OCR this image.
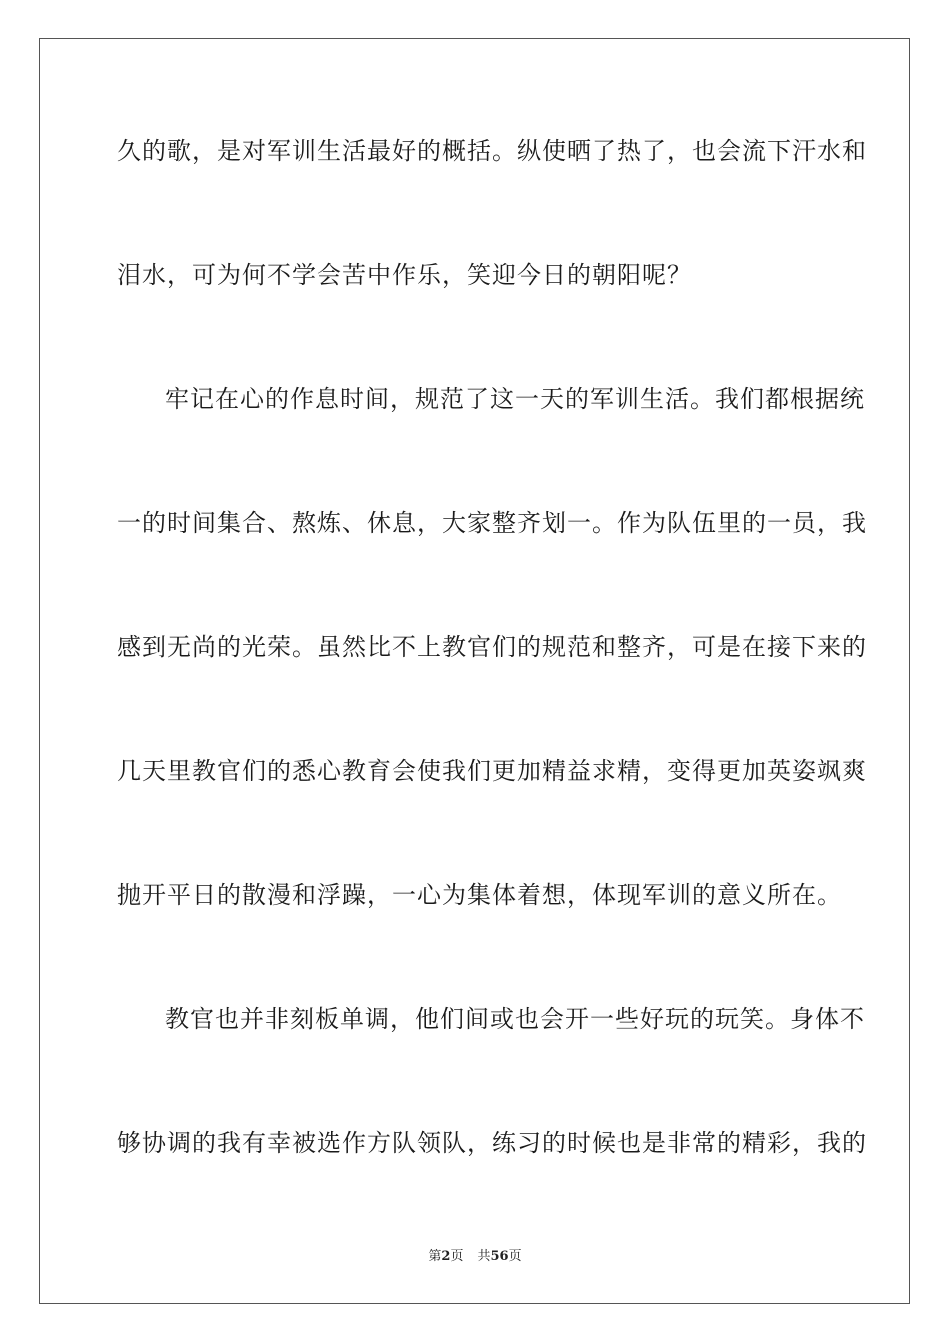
久的歌，是对军训生活最好的概括。纵使晒了热了，也会流下汗水和
泪水，可为何不学会苦中作乐，笑迎今日的朝阳呢？
牢记在心的作息时间，规范了这一天的军训生活。我们都根据统
一的时间集合、熬炼、休息，大家整齐划一。作为队伍里的一员，我
感到无尚的光荣。虽然比不上教官们的规范和整齐，可是在接下来的
几天里教官们的悉心教育会使我们更加精益求精，变得更加英姿飒爽
抛开平日的散漫和浮躁，一心为集体着想，体现军训的意义所在。
教官也并非刻板单调，他们间或也会开一些好玩的玩笑。身体不
够协调的我有幸被选作方队领队，练习的时候也是非常的精彩，我的
第2页 共56页
